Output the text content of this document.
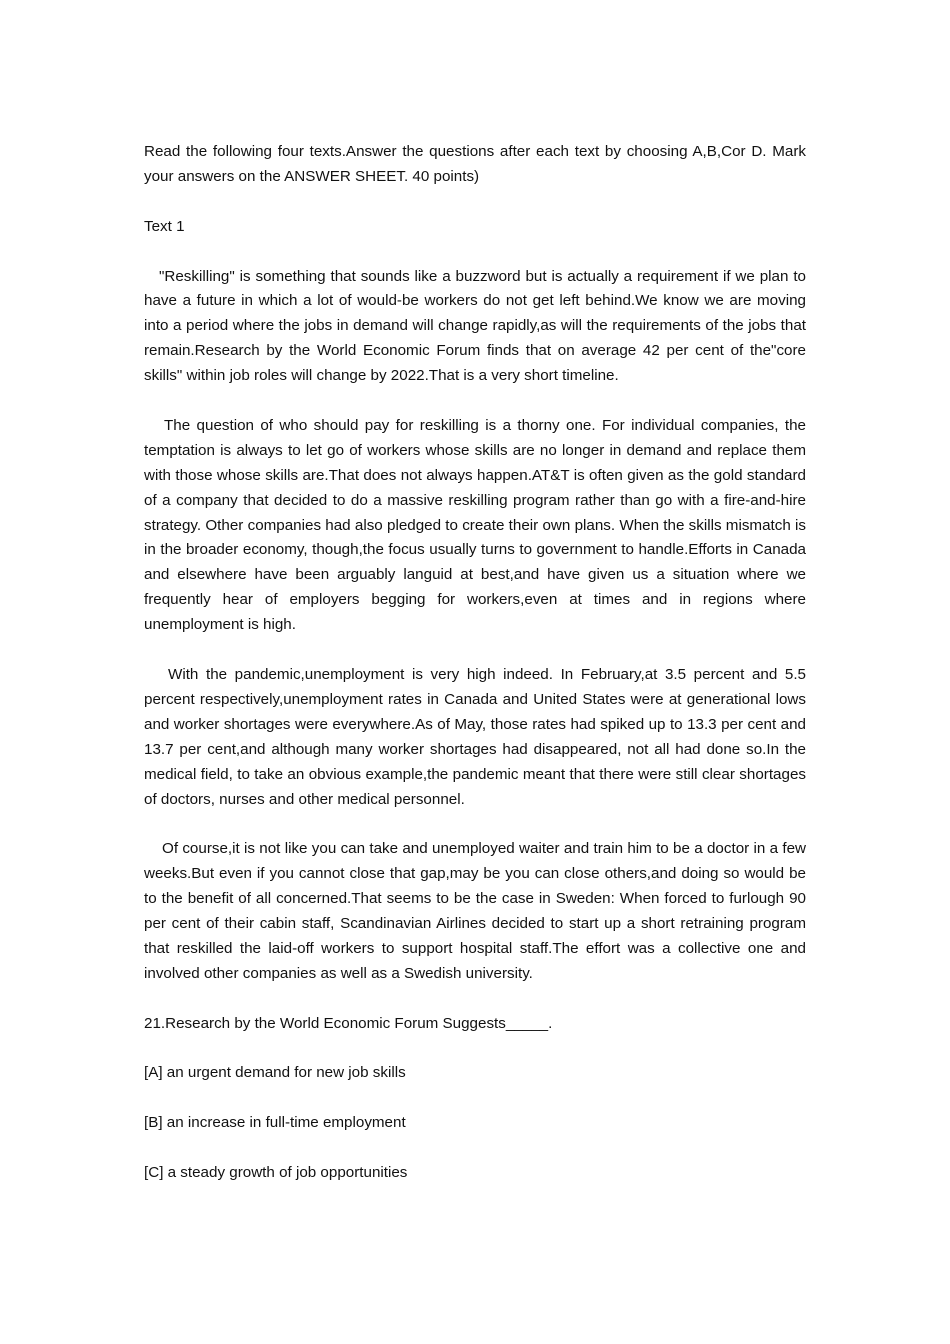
Read the following four texts.Answer the questions after each text by choosing A,B,Cor D. Mark your answers on the ANSWER SHEET. 40 points)

Text 1

"Reskilling" is something that sounds like a buzzword but is actually a requirement if we plan to have a future in which a lot of would-be workers do not get left behind.We know we are moving into a period where the jobs in demand will change rapidly,as will the requirements of the jobs that remain.Research by the World Economic Forum finds that on average 42 per cent of the"core skills" within job roles will change by 2022.That is a very short timeline.

The question of who should pay for reskilling is a thorny one. For individual companies, the temptation is always to let go of workers whose skills are no longer in demand and replace them with those whose skills are.That does not always happen.AT&T is often given as the gold standard of a company that decided to do a massive reskilling program rather than go with a fire-and-hire strategy. Other companies had also pledged to create their own plans. When the skills mismatch is in the broader economy, though,the focus usually turns to government to handle.Efforts in Canada and elsewhere have been arguably languid at best,and have given us a situation where we frequently hear of employers begging for workers,even at times and in regions where unemployment is high.

With the pandemic,unemployment is very high indeed. In February,at 3.5 percent and 5.5 percent respectively,unemployment rates in Canada and United States were at generational lows and worker shortages were everywhere.As of May, those rates had spiked up to 13.3 per cent and 13.7 per cent,and although many worker shortages had disappeared, not all had done so.In the medical field, to take an obvious example,the pandemic meant that there were still clear shortages of doctors, nurses and other medical personnel.

Of course,it is not like you can take and unemployed waiter and train him to be a doctor in a few weeks.But even if you cannot close that gap,may be you can close others,and doing so would be to the benefit of all concerned.That seems to be the case in Sweden: When forced to furlough 90 per cent of their cabin staff, Scandinavian Airlines decided to start up a short retraining program that reskilled the laid-off workers to support hospital staff.The effort was a collective one and involved other companies as well as a Swedish university.

21.Research by the World Economic Forum Suggests_____.

[A] an urgent demand for new job skills

[B] an increase in full-time employment

[C] a steady growth of job opportunities
